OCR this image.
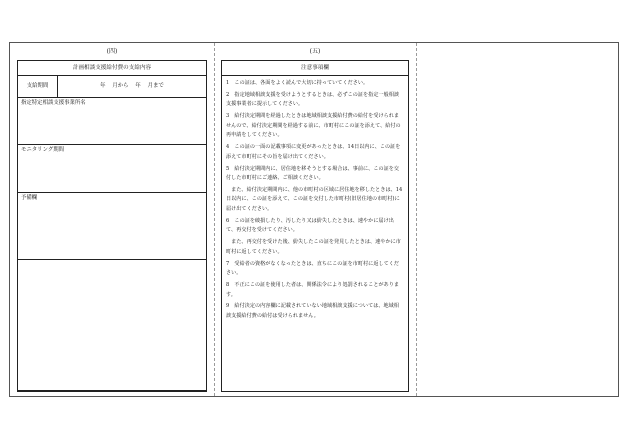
(四)	(五)
計画相談支援給付費の支給内容
支給期間	年    月から    年    月まで
指定特定相談支援事業所名
モニタリング期間
予備欄
注意事項欄

1　この証は、各面をよく読んで大切に持っていてください。

2　指定地域相談支援を受けようとするときは、必ずこの証を指定一般相談支援事業者に提示してください。

3　給付決定期間を経過したときは地域相談支援給付費の給付を受けられませんので、給付決定期間を経過する前に、市町村にこの証を添えて、給付の再申請をしてください。

4　この証の一面の記載事項に変更があったときは、14日以内に、この証を添えて市町村にその旨を届け出てください。

5　給付決定期間内に、居住地を移そうとする場合は、事前に、この証を交付した市町村にご連絡、ご相談ください。

　また、給付決定期間内に、他の市町村の区域に居住地を移したときは、14日以内に、この証を添えて、この証を交付した市町村(旧居住地の市町村)に届け出てください。

6　この証を破損したり、汚したり又は紛失したときは、速やかに届け出て、再交付を受けてください。

　また、再交付を受けた後、紛失したこの証を発見したときは、速やかに市町村に返してください。

7　受給者の資格がなくなったときは、直ちにこの証を市町村に返してください。

8　不正にこの証を使用した者は、関係法令により処罰されることがあります。

9　給付決定の内容欄に記載されていない地域相談支援については、地域相談支援給付費の給付は受けられません。
